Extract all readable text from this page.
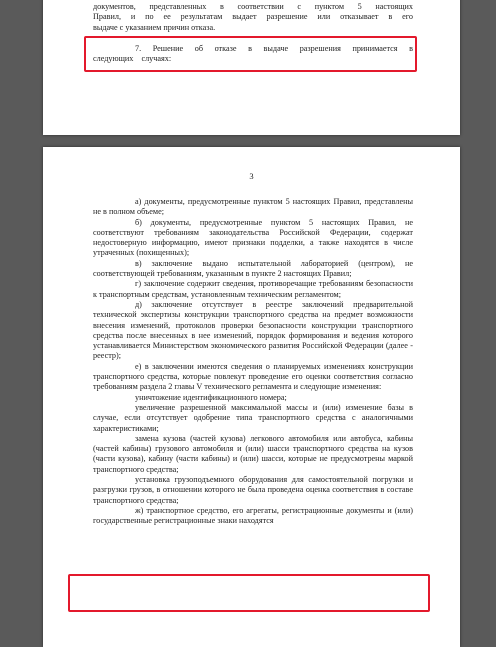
документов, представленных в соответствии с пунктом 5 настоящих

Правил, и по ее результатам выдает разрешение или отказывает в его

выдаче с указанием причин отказа.

7. Решение об отказе в выдаче разрешения принимается в следующих случаях:

3

а) документы, предусмотренные пунктом 5 настоящих Правил, представлены не в полном объеме;

б) документы, предусмотренные пунктом 5 настоящих Правил, не соответствуют требованиям законодательства Российской Федерации, содержат недостоверную информацию, имеют признаки подделки, а также находятся в числе утраченных (похищенных);

в) заключение выдано испытательной лабораторией (центром), не соответствующей требованиям, указанным в пункте 2 настоящих Правил;

г) заключение содержит сведения, противоречащие требованиям безопасности к транспортным средствам, установленным техническим регламентом;

д) заключение отсутствует в реестре заключений предварительной технической экспертизы конструкции транспортного средства на предмет возможности внесения изменений, протоколов проверки безопасности конструкции транспортного средства после внесенных в нее изменений, порядок формирования и ведения которого устанавливается Министерством экономического развития Российской Федерации (далее - реестр);

е) в заключении имеются сведения о планируемых изменениях конструкции транспортного средства, которые повлекут проведение его оценки соответствия согласно требованиям раздела 2 главы V технического регламента и следующие изменения:

уничтожение идентификационного номера;

увеличение разрешенной максимальной массы и (или) изменение базы в случае, если отсутствует одобрение типа транспортного средства с аналогичными характеристиками;

замена кузова (частей кузова) легкового автомобиля или автобуса, кабины (частей кабины) грузового автомобиля и (или) шасси транспортного средства на кузов (части кузова), кабину (части кабины) и (или) шасси, которые не предусмотрены маркой транспортного средства;

установка грузоподъемного оборудования для самостоятельной погрузки и разгрузки грузов, в отношении которого не была проведена оценка соответствия в составе транспортного средства;

ж) транспортное средство, его агрегаты, регистрационные документы и (или) государственные регистрационные знаки находятся
